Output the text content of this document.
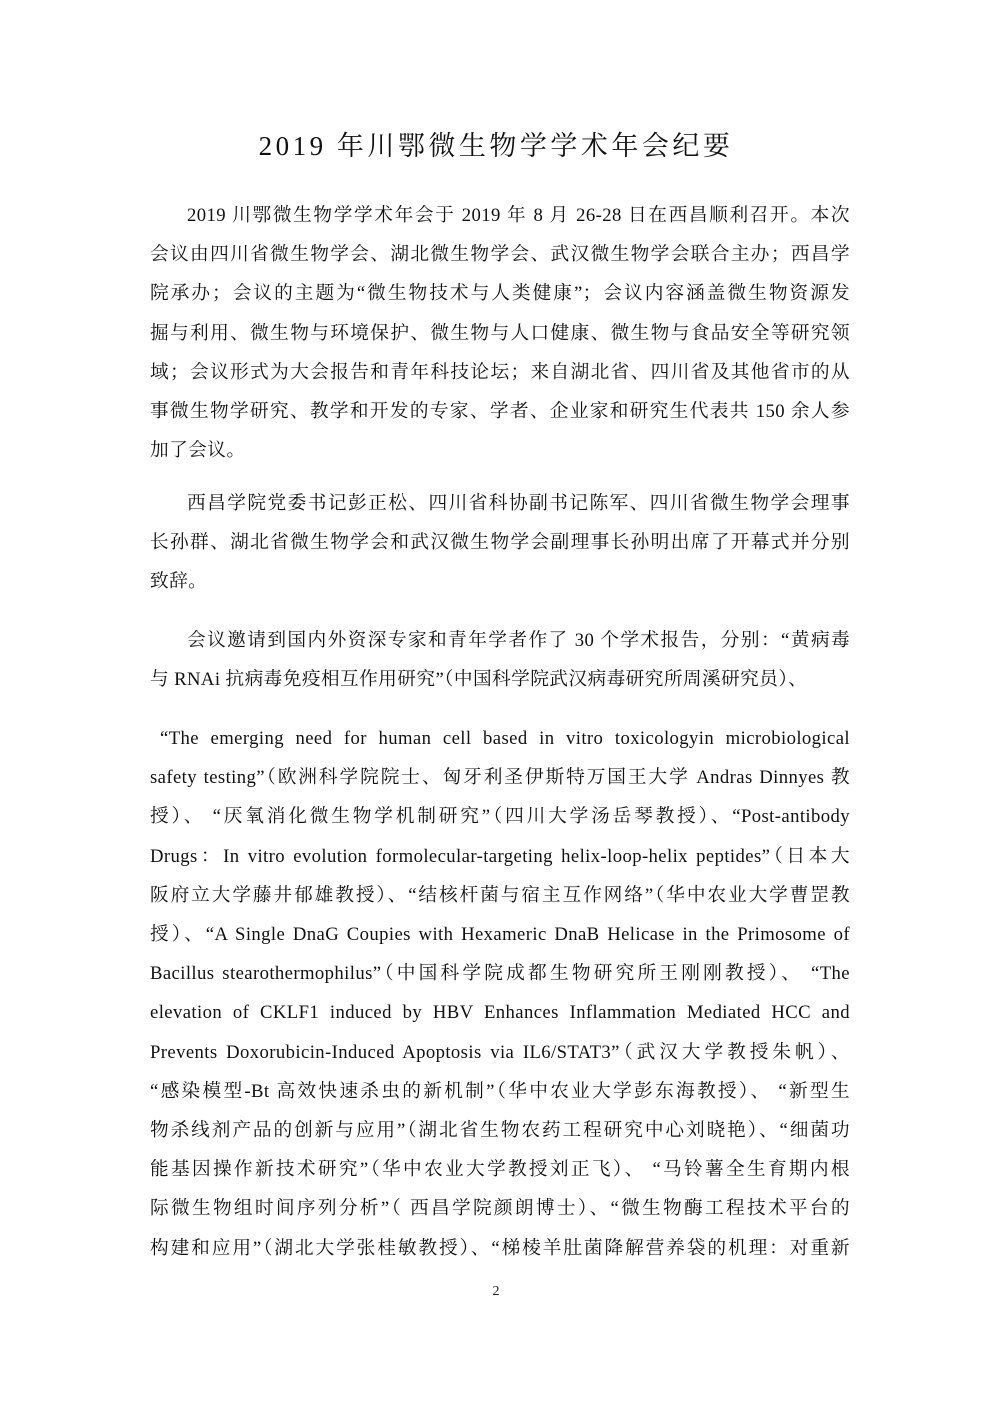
2019 年川鄂微生物学学术年会纪要
2019 川鄂微生物学学术年会于 2019 年 8 月 26-28 日在西昌顺利召开。本次
会议由四川省微生物学会、湖北微生物学会、武汉微生物学会联合主办；西昌学
院承办；会议的主题为“微生物技术与人类健康”；会议内容涵盖微生物资源发
掘与利用、微生物与环境保护、微生物与人口健康、微生物与食品安全等研究领
域；会议形式为大会报告和青年科技论坛；来自湖北省、四川省及其他省市的从
事微生物学研究、教学和开发的专家、学者、企业家和研究生代表共 150 余人参
加了会议。
西昌学院党委书记彭正松、四川省科协副书记陈军、四川省微生物学会理事
长孙群、湖北省微生物学会和武汉微生物学会副理事长孙明出席了开幕式并分别
致辞。
会议邀请到国内外资深专家和青年学者作了 30 个学术报告，分别：“黄病毒
与 RNAi 抗病毒免疫相互作用研究”（中国科学院武汉病毒研究所周溪研究员）、
“The emerging need for human cell based in vitro toxicologyin microbiological
safety testing”（欧洲科学院院士、匈牙利圣伊斯特万国王大学 Andras Dinnyes 教
授）、 “厌氧消化微生物学机制研究”（四川大学汤岳琴教授）、“Post-antibody
Drugs：In vitro evolution formolecular-targeting helix-loop-helix peptides”（日本大
阪府立大学藤井郁雄教授）、“结核杆菌与宿主互作网络”（华中农业大学曹罡教
授）、“A Single DnaG Coupies with Hexameric DnaB Helicase in the Primosome of
Bacillus stearothermophilus”（中国科学院成都生物研究所王刚刚教授）、 “The
elevation of CKLF1 induced by HBV Enhances Inflammation Mediated HCC and
Prevents Doxorubicin-Induced Apoptosis via IL6/STAT3”（武汉大学教授朱帆）、
“感染模型-Bt 高效快速杀虫的新机制”（华中农业大学彭东海教授）、 “新型生
物杀线剂产品的创新与应用”（湖北省生物农药工程研究中心刘晓艳）、“细菌功
能基因操作新技术研究”（华中农业大学教授刘正飞）、 “马铃薯全生育期内根
际微生物组时间序列分析”（ 西昌学院颜朗博士）、“微生物酶工程技术平台的
构建和应用”（湖北大学张桂敏教授）、“梯棱羊肚菌降解营养袋的机理：对重新
2
